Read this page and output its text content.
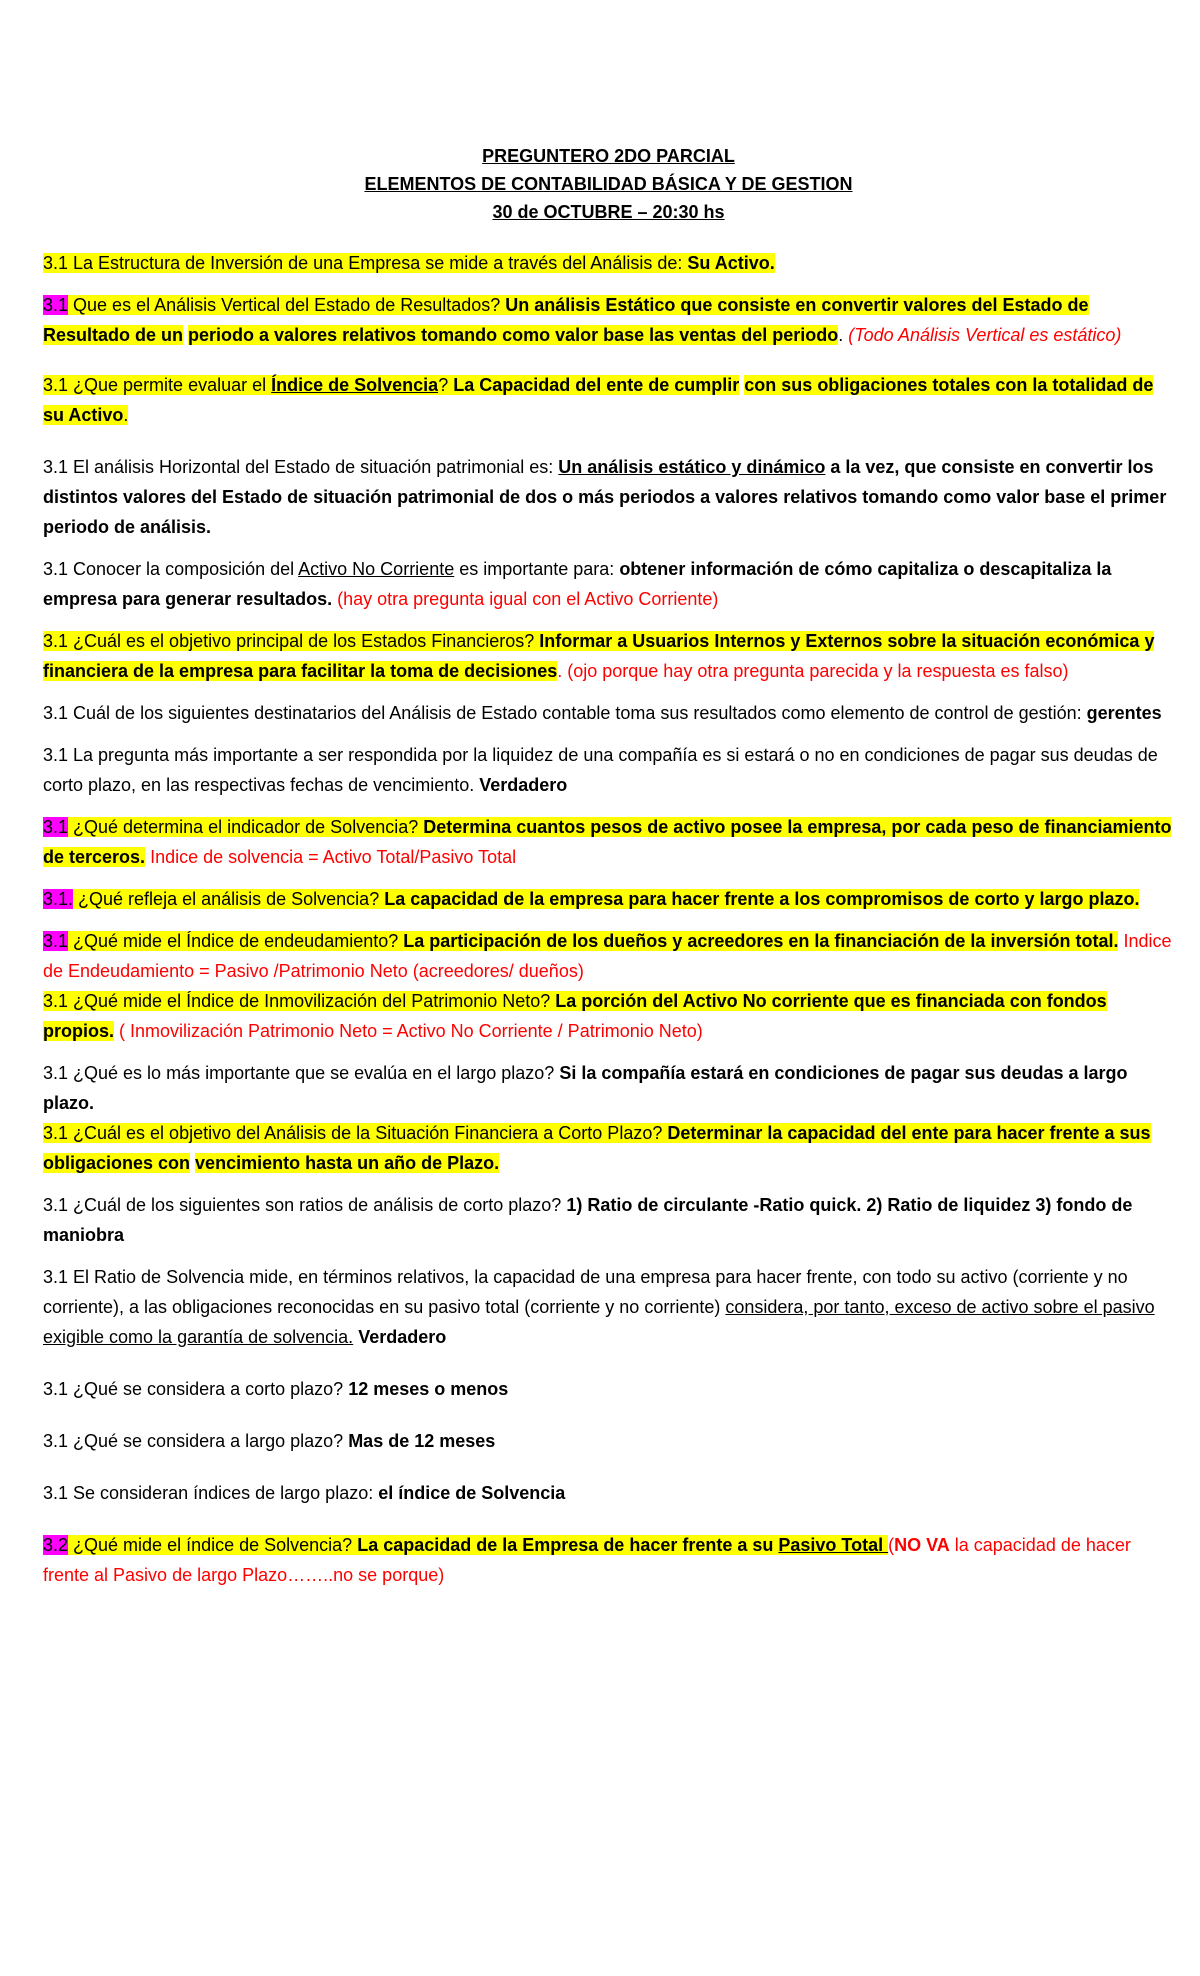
PREGUNTERO 2DO PARCIAL
ELEMENTOS DE CONTABILIDAD BÁSICA Y DE GESTION
30 de OCTUBRE – 20:30 hs

3.1 La Estructura de Inversión de una Empresa se mide a través del Análisis de: Su Activo.

3.1 Que es el Análisis Vertical del Estado de Resultados? Un análisis Estático que consiste en convertir valores del Estado de Resultado de un periodo a valores relativos tomando como valor base las ventas del periodo. (Todo Análisis Vertical es estático)

3.1 ¿Que permite evaluar el Índice de Solvencia? La Capacidad del ente de cumplir con sus obligaciones totales con la totalidad de su Activo.

3.1 El análisis Horizontal del Estado de situación patrimonial es: Un análisis estático y dinámico a la vez, que consiste en convertir los distintos valores del Estado de situación patrimonial de dos o más periodos a valores relativos tomando como valor base el primer periodo de análisis.

3.1 Conocer la composición del Activo No Corriente es importante para: obtener información de cómo capitaliza o descapitaliza la empresa para generar resultados. (hay otra pregunta igual con el Activo Corriente)

3.1 ¿Cuál es el objetivo principal de los Estados Financieros? Informar a Usuarios Internos y Externos sobre la situación económica y financiera de la empresa para facilitar la toma de decisiones. (ojo porque hay otra pregunta parecida y la respuesta es falso)

3.1 Cuál de los siguientes destinatarios del Análisis de Estado contable toma sus resultados como elemento de control de gestión: gerentes

3.1 La pregunta más importante a ser respondida por la liquidez de una compañía es si estará o no en condiciones de pagar sus deudas de corto plazo, en las respectivas fechas de vencimiento. Verdadero

3.1 ¿Qué determina el indicador de Solvencia? Determina cuantos pesos de activo posee la empresa, por cada peso de financiamiento de terceros. Indice de solvencia = Activo Total/Pasivo Total

3.1. ¿Qué refleja el análisis de Solvencia? La capacidad de la empresa para hacer frente a los compromisos de corto y largo plazo.

3.1 ¿Qué mide el Índice de endeudamiento? La participación de los dueños y acreedores en la financiación de la inversión total. Indice de Endeudamiento = Pasivo /Patrimonio Neto (acreedores/ dueños)

3.1 ¿Qué mide el Índice de Inmovilización del Patrimonio Neto? La porción del Activo No corriente que es financiada con fondos propios. ( Inmovilización Patrimonio Neto = Activo No Corriente / Patrimonio Neto)

3.1 ¿Qué es lo más importante que se evalúa en el largo plazo? Si la compañía estará en condiciones de pagar sus deudas a largo plazo.

3.1 ¿Cuál es el objetivo del Análisis de la Situación Financiera a Corto Plazo? Determinar la capacidad del ente para hacer frente a sus obligaciones con vencimiento hasta un año de Plazo.

3.1 ¿Cuál de los siguientes son ratios de análisis de corto plazo? 1) Ratio de circulante -Ratio quick. 2) Ratio de liquidez 3) fondo de maniobra

3.1 El Ratio de Solvencia mide, en términos relativos, la capacidad de una empresa para hacer frente, con todo su activo (corriente y no corriente), a las obligaciones reconocidas en su pasivo total (corriente y no corriente) considera, por tanto, exceso de activo sobre el pasivo exigible como la garantía de solvencia. Verdadero

3.1 ¿Qué se considera a corto plazo? 12 meses o menos

3.1 ¿Qué se considera a largo plazo? Mas de 12 meses

3.1 Se consideran índices de largo plazo: el índice de Solvencia

3.2 ¿Qué mide el índice de Solvencia? La capacidad de la Empresa de hacer frente a su Pasivo Total (NO VA la capacidad de hacer frente al Pasivo de largo Plazo……..no se porque)
